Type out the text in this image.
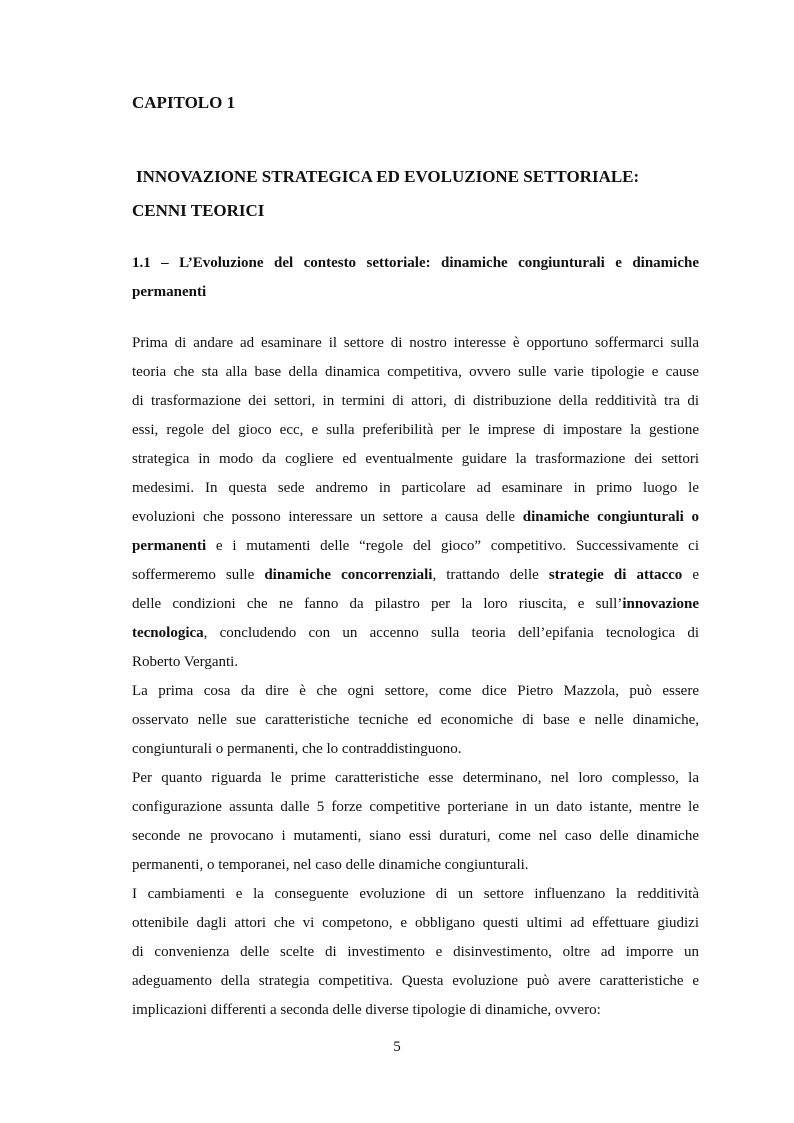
CAPITOLO 1
INNOVAZIONE STRATEGICA ED EVOLUZIONE SETTORIALE:
CENNI TEORICI
1.1 – L’Evoluzione del contesto settoriale: dinamiche congiunturali e dinamiche
permanenti
Prima di andare ad esaminare il settore di nostro interesse è opportuno soffermarci sulla
teoria che sta alla base della dinamica competitiva, ovvero sulle varie tipologie e cause
di trasformazione dei settori, in termini di attori, di distribuzione della redditività tra di
essi, regole del gioco ecc, e sulla preferibilità per le imprese di impostare la gestione
strategica in modo da cogliere ed eventualmente guidare la trasformazione dei settori
medesimi. In questa sede andremo in particolare ad esaminare in primo luogo le
evoluzioni che possono interessare un settore a causa delle dinamiche congiunturali o
permanenti e i mutamenti delle “regole del gioco” competitivo. Successivamente ci
soffermeremo sulle dinamiche concorrenziali, trattando delle strategie di attacco e
delle condizioni che ne fanno da pilastro per la loro riuscita, e sull’innovazione
tecnologica, concludendo con un accenno sulla teoria dell’epifania tecnologica di
Roberto Verganti.
La prima cosa da dire è che ogni settore, come dice Pietro Mazzola, può essere
osservato nelle sue caratteristiche tecniche ed economiche di base e nelle dinamiche,
congiunturali o permanenti, che lo contraddistinguono.
Per quanto riguarda le prime caratteristiche esse determinano, nel loro complesso, la
configurazione assunta dalle 5 forze competitive porteriane in un dato istante, mentre le
seconde ne provocano i mutamenti, siano essi duraturi, come nel caso delle dinamiche
permanenti, o temporanei, nel caso delle dinamiche congiunturali.
I cambiamenti e la conseguente evoluzione di un settore influenzano la redditività
ottenibile dagli attori che vi competono, e obbligano questi ultimi ad effettuare giudizi
di convenienza delle scelte di investimento e disinvestimento, oltre ad imporre un
adeguamento della strategia competitiva. Questa evoluzione può avere caratteristiche e
implicazioni differenti a seconda delle diverse tipologie di dinamiche, ovvero:
5
